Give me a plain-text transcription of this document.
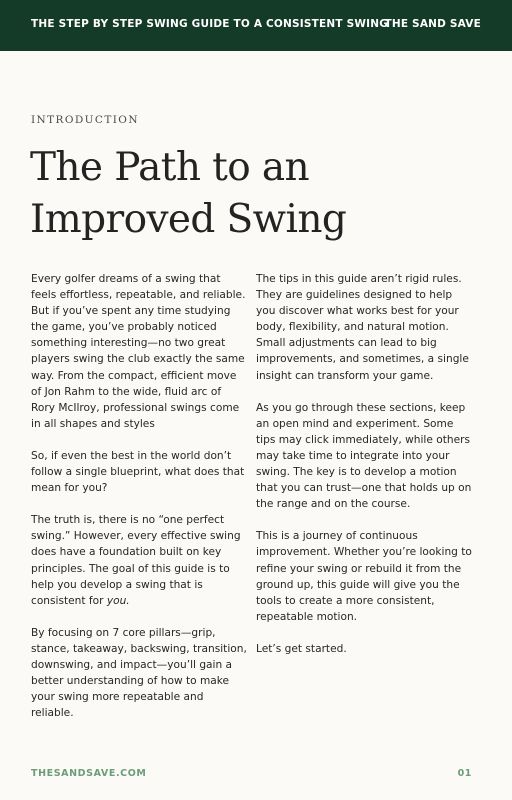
THE STEP BY STEP SWING GUIDE TO A CONSISTENT SWING
THE SAND SAVE
INTRODUCTION
The Path to an Improved Swing

Every golfer dreams of a swing that feels effortless, repeatable, and reliable. But if you’ve spent any time studying the game, you’ve probably noticed something interesting—no two great players swing the club exactly the same way. From the compact, efficient move of Jon Rahm to the wide, fluid arc of Rory McIlroy, professional swings come in all shapes and styles

So, if even the best in the world don’t follow a single blueprint, what does that mean for you?

The truth is, there is no “one perfect swing.” However, every effective swing does have a foundation built on key principles. The goal of this guide is to help you develop a swing that is consistent for you.

By focusing on 7 core pillars—grip, stance, takeaway, backswing, transition, downswing, and impact—you’ll gain a better understanding of how to make your swing more repeatable and reliable.

The tips in this guide aren’t rigid rules. They are guidelines designed to help you discover what works best for your body, flexibility, and natural motion. Small adjustments can lead to big improvements, and sometimes, a single insight can transform your game.

As you go through these sections, keep an open mind and experiment. Some tips may click immediately, while others may take time to integrate into your swing. The key is to develop a motion that you can trust—one that holds up on the range and on the course.

This is a journey of continuous improvement. Whether you’re looking to refine your swing or rebuild it from the ground up, this guide will give you the tools to create a more consistent, repeatable motion.

Let’s get started.

THESANDSAVE.COM	01
